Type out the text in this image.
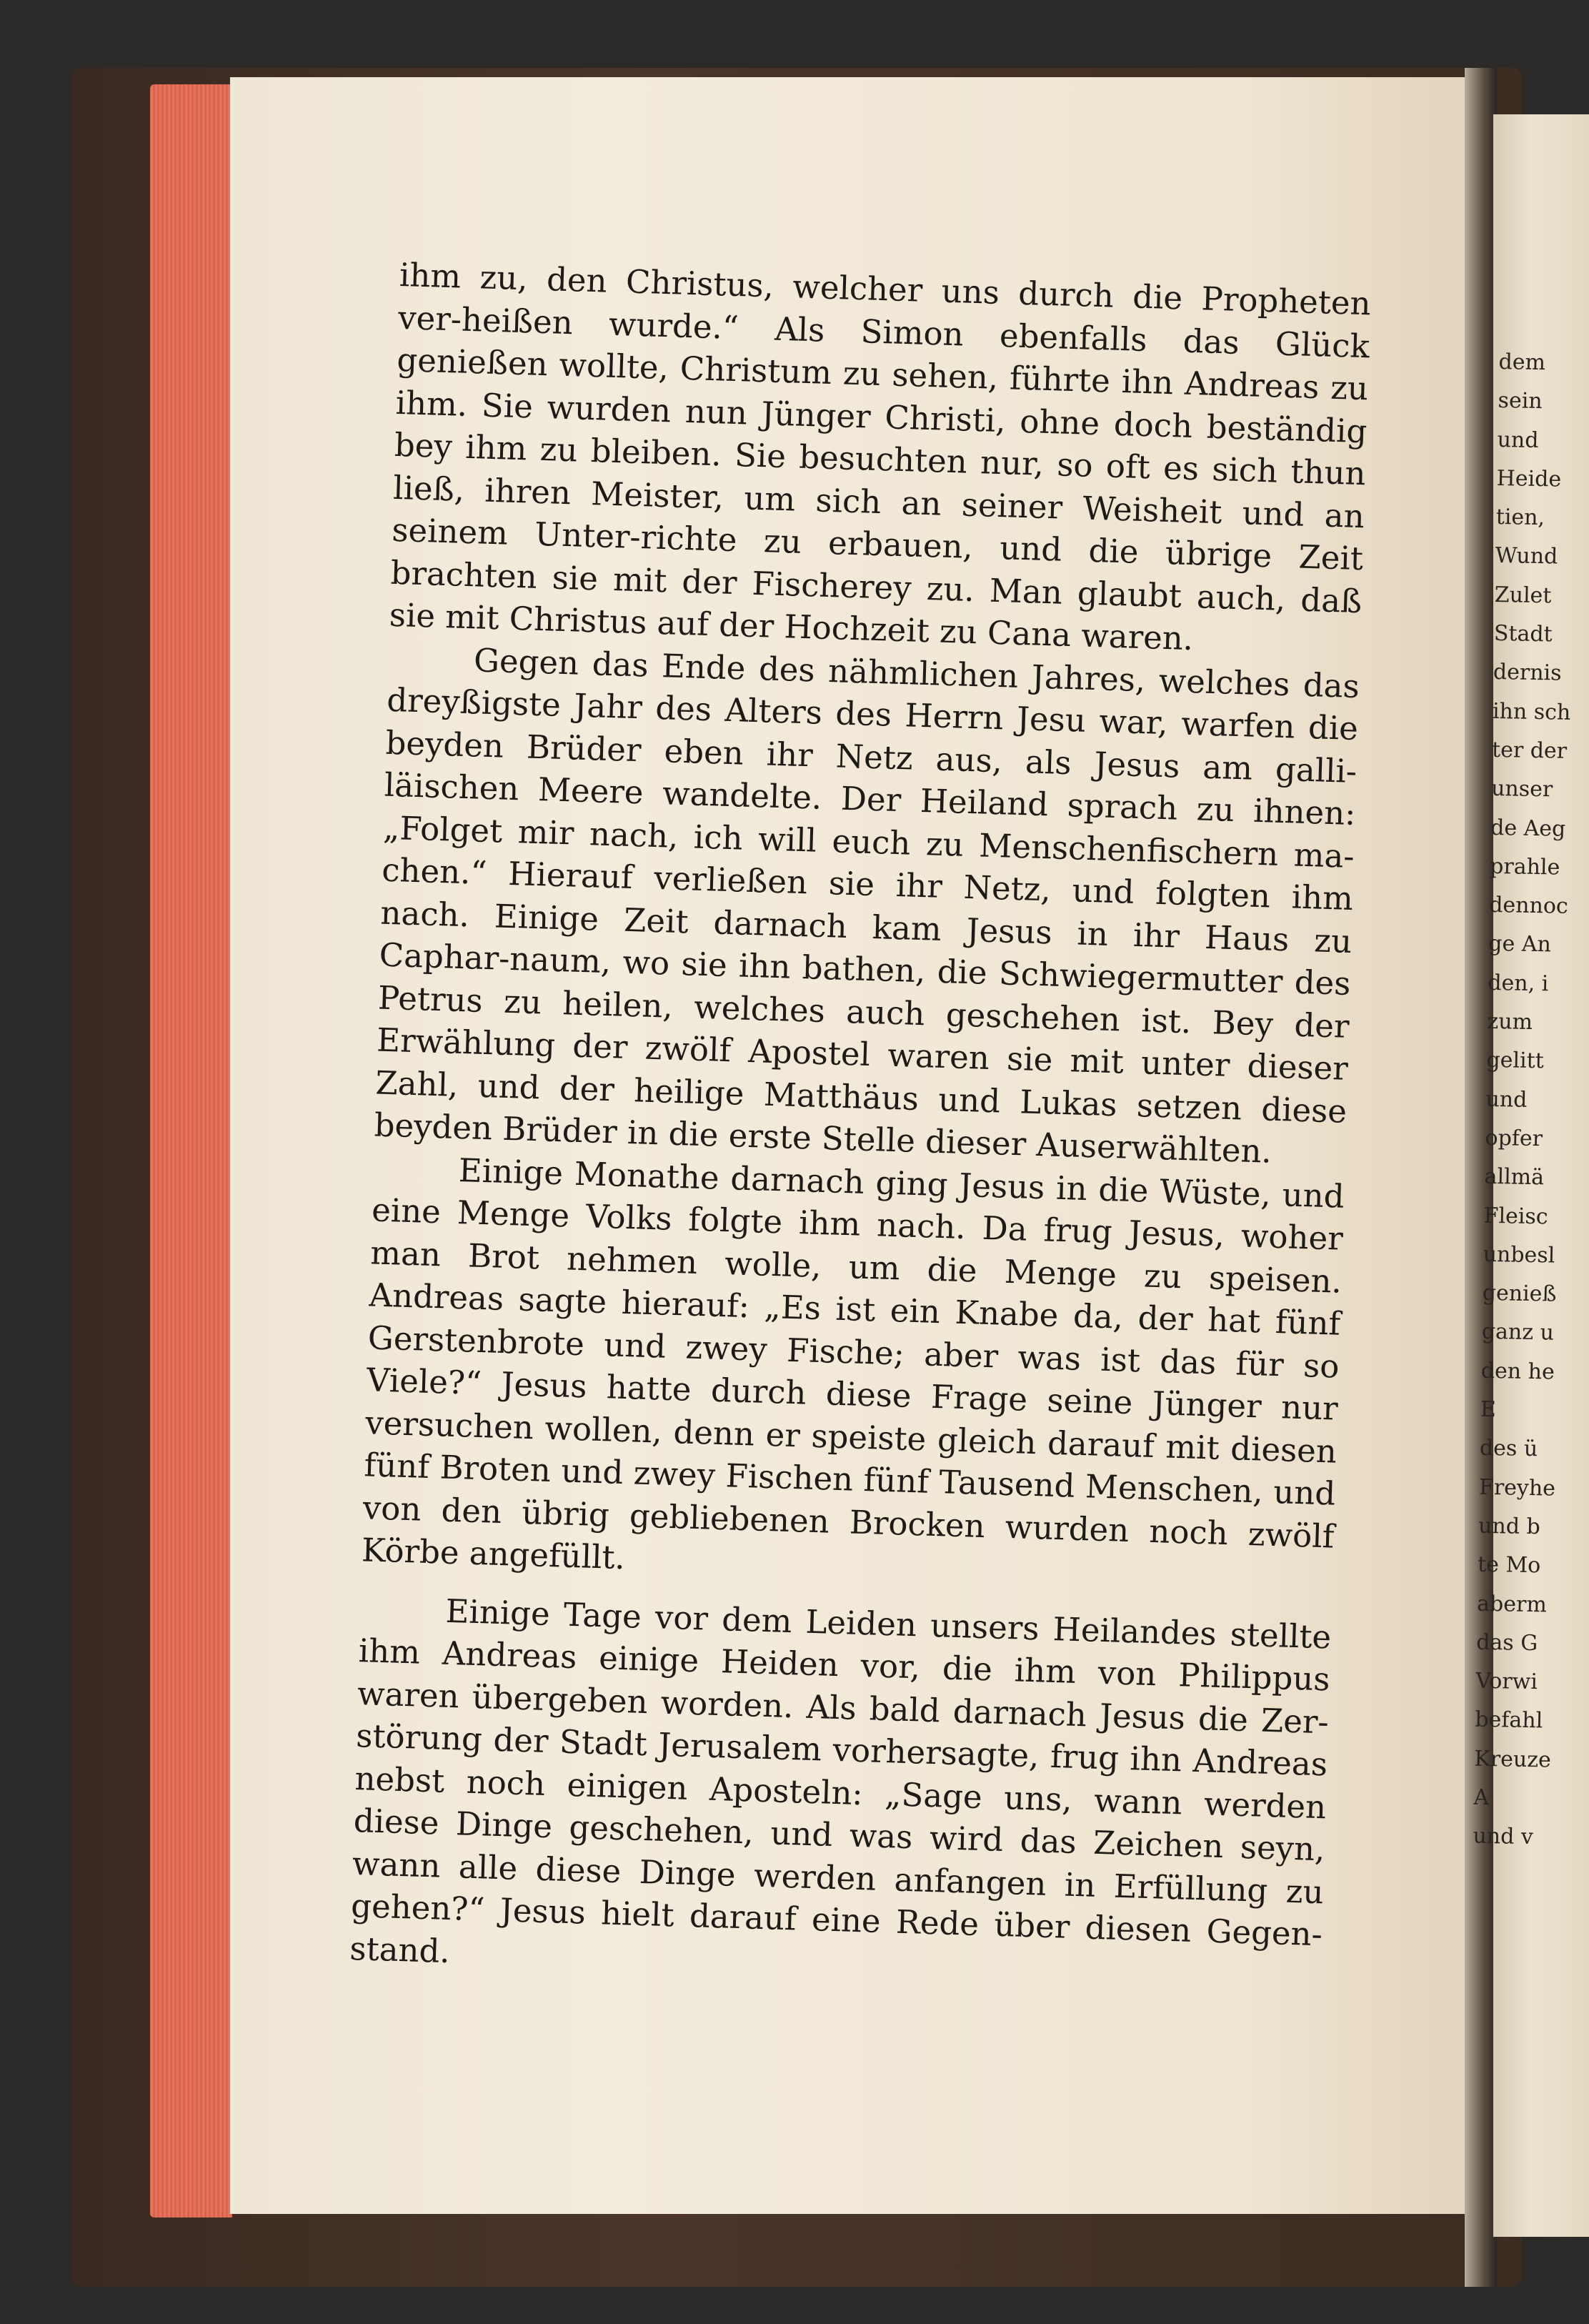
ihm zu, den Christus, welcher uns durch die Propheten ver-heißen wurde.“ Als Simon ebenfalls das Glück genießen wollte, Christum zu sehen, führte ihn Andreas zu ihm. Sie wurden nun Jünger Christi, ohne doch beständig bey ihm zu bleiben. Sie besuchten nur, so oft es sich thun ließ, ihren Meister, um sich an seiner Weisheit und an seinem Unter-richte zu erbauen, und die übrige Zeit brachten sie mit der Fischerey zu. Man glaubt auch, daß sie mit Christus auf der Hochzeit zu Cana waren.

Gegen das Ende des nähmlichen Jahres, welches das dreyßigste Jahr des Alters des Herrn Jesu war, warfen die beyden Brüder eben ihr Netz aus, als Jesus am galli-läischen Meere wandelte. Der Heiland sprach zu ihnen: „Folget mir nach, ich will euch zu Menschenfischern ma-chen.“ Hierauf verließen sie ihr Netz, und folgten ihm nach. Einige Zeit darnach kam Jesus in ihr Haus zu Caphar-naum, wo sie ihn bathen, die Schwiegermutter des Petrus zu heilen, welches auch geschehen ist. Bey der Erwählung der zwölf Apostel waren sie mit unter dieser Zahl, und der heilige Matthäus und Lukas setzen diese beyden Brüder in die erste Stelle dieser Auserwählten.

Einige Monathe darnach ging Jesus in die Wüste, und eine Menge Volks folgte ihm nach. Da frug Jesus, woher man Brot nehmen wolle, um die Menge zu speisen. Andreas sagte hierauf: „Es ist ein Knabe da, der hat fünf Gerstenbrote und zwey Fische; aber was ist das für so Viele?“ Jesus hatte durch diese Frage seine Jünger nur versuchen wollen, denn er speiste gleich darauf mit diesen fünf Broten und zwey Fischen fünf Tausend Menschen, und von den übrig gebliebenen Brocken wurden noch zwölf Körbe angefüllt.

Einige Tage vor dem Leiden unsers Heilandes stellte ihm Andreas einige Heiden vor, die ihm von Philippus waren übergeben worden. Als bald darnach Jesus die Zer-störung der Stadt Jerusalem vorhersagte, frug ihn Andreas nebst noch einigen Aposteln: „Sage uns, wann werden diese Dinge geschehen, und was wird das Zeichen seyn, wann alle diese Dinge werden anfangen in Erfüllung zu gehen?“ Jesus hielt darauf eine Rede über diesen Gegen-stand.

dem
sein
und
Heide
tien,
Wund
Zulet
Stadt
dernis
ihn sch
ter der
unser
de Aeg
prahle
dennoc
ge An
den, i
zum
gelitt
und
opfer
allmä
Fleisc
unbesl
genieß
ganz u
den he
E
des ü
Freyhe
und b
te Mo
aberm
das G
Vorwi
befahl
Kreuze
A
und v
